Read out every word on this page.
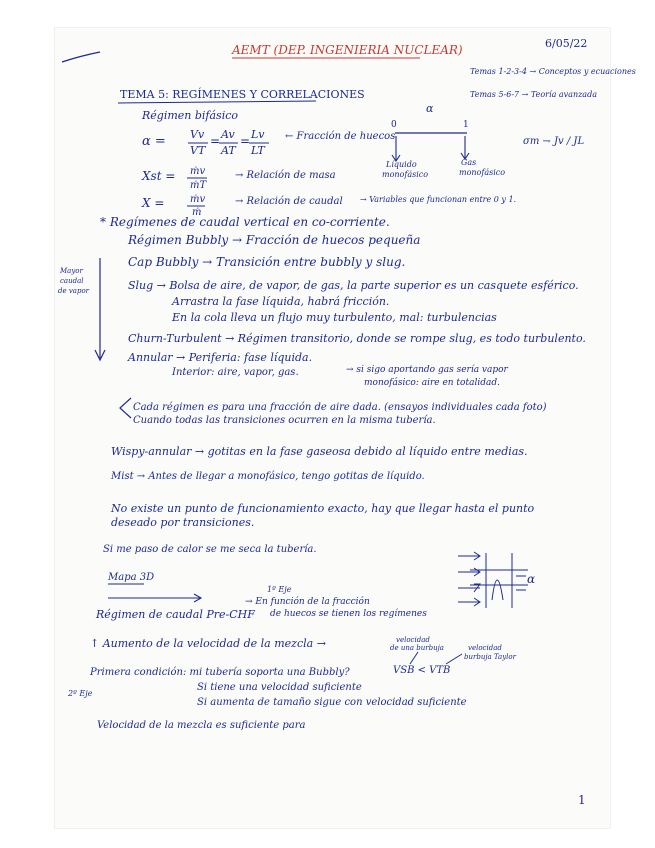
AEMT (DEP. INGENIERIA NUCLEAR)	6/05/22
Temas 1-2-3-4 → Conceptos y ecuaciones
Temas 5-6-7 → Teoría avanzada
TEMA 5: REGÍMENES Y CORRELACIONES
Régimen bifásico
α = Vv
VT
= Av
AT
= Lv
LT
← Fracción de huecos
Xst = ṁv
ṁT
→ Relación de masa
X =	ṁv
ṁ
→ Relación de caudal → Variables que funcionan entre 0 y 1.
α
0	1
Líquido
monofásico
Gas
monofásico
σm ⇁ Jv / JL
* Regímenes de caudal vertical en co-corriente.
Mayor
caudal
de vapor
Régimen Bubbly → Fracción de huecos pequeña
Cap Bubbly → Transición entre bubbly y slug.
Slug → Bolsa de aire, de vapor, de gas, la parte superior es un casquete esférico.
Arrastra la fase líquida, habrá fricción.
En la cola lleva un flujo muy turbulento, mal: turbulencias
Churn-Turbulent → Régimen transitorio, donde se rompe slug, es todo turbulento.
Annular → Periferia: fase líquida.
Interior: aire, vapor, gas.	→ si sigo aportando gas sería vapor
monofásico: aire en totalidad.
Cada régimen es para una fracción de aire dada. (ensayos individuales cada foto)
Cuando todas las transiciones ocurren en la misma tubería.
Wispy-annular → gotitas en la fase gaseosa debido al líquido entre medias.
Mist → Antes de llegar a monofásico, tengo gotitas de líquido.
No existe un punto de funcionamiento exacto, hay que llegar hasta el punto
deseado por transiciones.
Si me paso de calor se me seca la tubería.
Mapa 3D
1º Eje
Régimen de caudal Pre-CHF
→ En función de la fracción
de huecos se tienen los regímenes
α
↑ Aumento de la velocidad de la mezcla →	velocidad
de una burbuja	velocidad
burbuja Taylor
VSB < VTB
Primera condición: mi tubería soporta una Bubbly?
2º Eje
Si tiene una velocidad suficiente
Si aumenta de tamaño sigue con velocidad suficiente
Velocidad de la mezcla es suficiente para
1
